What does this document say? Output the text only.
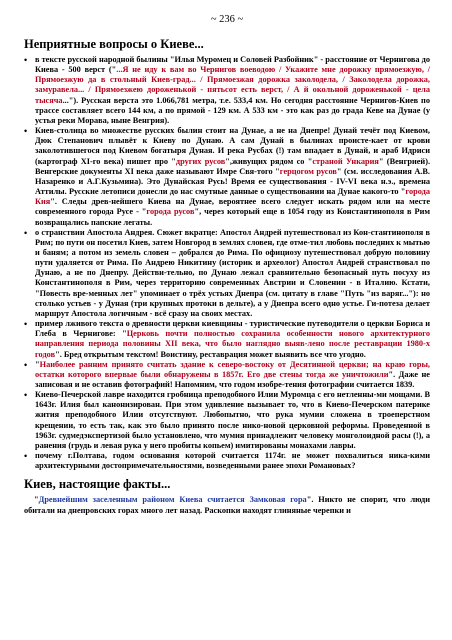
~ 236 ~
Неприятные вопросы о Киеве...
• в тексте русской народной былины "Илья Муромец и Соловей Разбойник" - расстояние от Чернигова до Киева - 500 верст ("...Я не иду к вам во Чернигов воеводою / Укажите мне дорожку прямоезжую, / Прямоезжую да в стольный Киев-град... / Прямоезжая дорожка заколодела, / Заколодела дорожка, замуравела... / Прямоезжею дороженькой - пятьсот есть верст, / А й окольной дороженькой - цела тысяча..."). Русская верста это 1.066,781 метра, т.е. 533,4 км. Но сегодня расстояние Чернигов-Киев по трассе составляет всего 144 км, а по прямой - 129 км. А 533 км - это как раз до града Кеве на Дунае (у устья реки Морава, ныне Венгрия).
• Киев-столица во множестве русских былин стоит на Дунае, а не на Днепре! Дунай течёт под Киевом, Дюк Степанович плывёт к Киеву по Дунаю. А сам Дунай в былинах происте-кает от крови заколотившегося под Киевом богатыря Дуная. И река Русбах (!) там впадает в Дунай, и араб Идриси (картограф XI-го века) пишет про "других русов",живущих рядом со "страной Ункария" (Венгрией). Венгерские документы XI века даже называют Имре Свя-того "герцогом русов" (см. исследования А.В. Назаренко и А.Г.Кузьмина). Это Дунайская Русь! Время ее существования - IV-VI века н.э., времена Аттилы. Русские летописи донесли до нас смутные данные о существовании на Дунае какого-то "города Кия". Следы древ-нейшего Киева на Дунае, вероятнее всего следует искать рядом или на месте современного города Русе - "города русов", через который еще в 1054 году из Константинополя в Рим возвращались папские легаты.
• о странствии Апостола Андрея. Сюжет вкратце: Апостол Андрей путешествовал из Кон-стантинополя в Рим; по пути он посетил Киев, затем Новгород в землях словен, где отме-тил любовь последних к мытью и баням; а потом из земель словен – добрался до Рима. По официозу путешествовал добрую половину пути удаляется от Рима. По Андрею Никитину (историк и археолог) Апостол Андрей странствовал по Дунаю, а не по Днепру. Действи-тельно, по Дунаю лежал сравнительно безопасный путь посуху из Константинополя в Рим, через территорию современных Австрии и Словении - в Италию. Кстати, "Повесть вре-менных лет" упоминает о трёх устьях Днепра (см. цитату в главе "Путь "из варяг..."): но столько устьев - у Дуная (три крупных протоки в дельте), а у Днепра всего одно устье. Ги-потеза делает маршрут Апостола логичным - всё сразу на своих местах.
• пример лживого текста о древности церкви киевщины - туристические путеводители о церкви Бориса и Глеба в Чернигове: "Церковь почти полностью сохранила особенности нового архитектурного направления периода половины XII века, что было наглядно выяв-лено после реставрации 1980-х годов". Бред открытым текстом! Воистину, реставрация может выявить все что угодно.
• "Наиболее ранним принято считать здание к северо-востоку от Десятинной церкви; на краю горы, остатки которого впервые были обнаружены в 1857г. Его две стены тогда же уничтожили". Даже не записовая и не оставив фотографий! Напомним, что годом изобре-тения фотографии считается 1839.
• Киево-Печерской лавре находится гробница преподобного Илии Муромца с его нетленны-ми мощами. В 1643г. Илия был канонизирован. При этом удивление вызывает то, что в Киево-Печерском патерике жития преподобного Илии отсутствуют. Любопытно, что рука мумии сложена в троеперстном крещении, то есть так, как это было принято после нико-новой церковной реформы. Проведенной в 1963г. судмедэкспертизой было установлено, что мумия принадлежит человеку монголоидной расы (!), а ранения (грудь и левая рука у него пробиты копьем) имитированы монахами лавры.
• почему г.Полтава, годом основания которой считается 1174г. не может похвалиться ника-кими архитектурными достопримечательностями, возведенными ранее эпохи Романовых?
Киев, настоящие факты...

"Древнейшим заселенным районом Киева считается Замковая гора". Никто не спорит, что люди обитали на днепровских горах много лет назад. Раскопки находят глиняные черепки и
